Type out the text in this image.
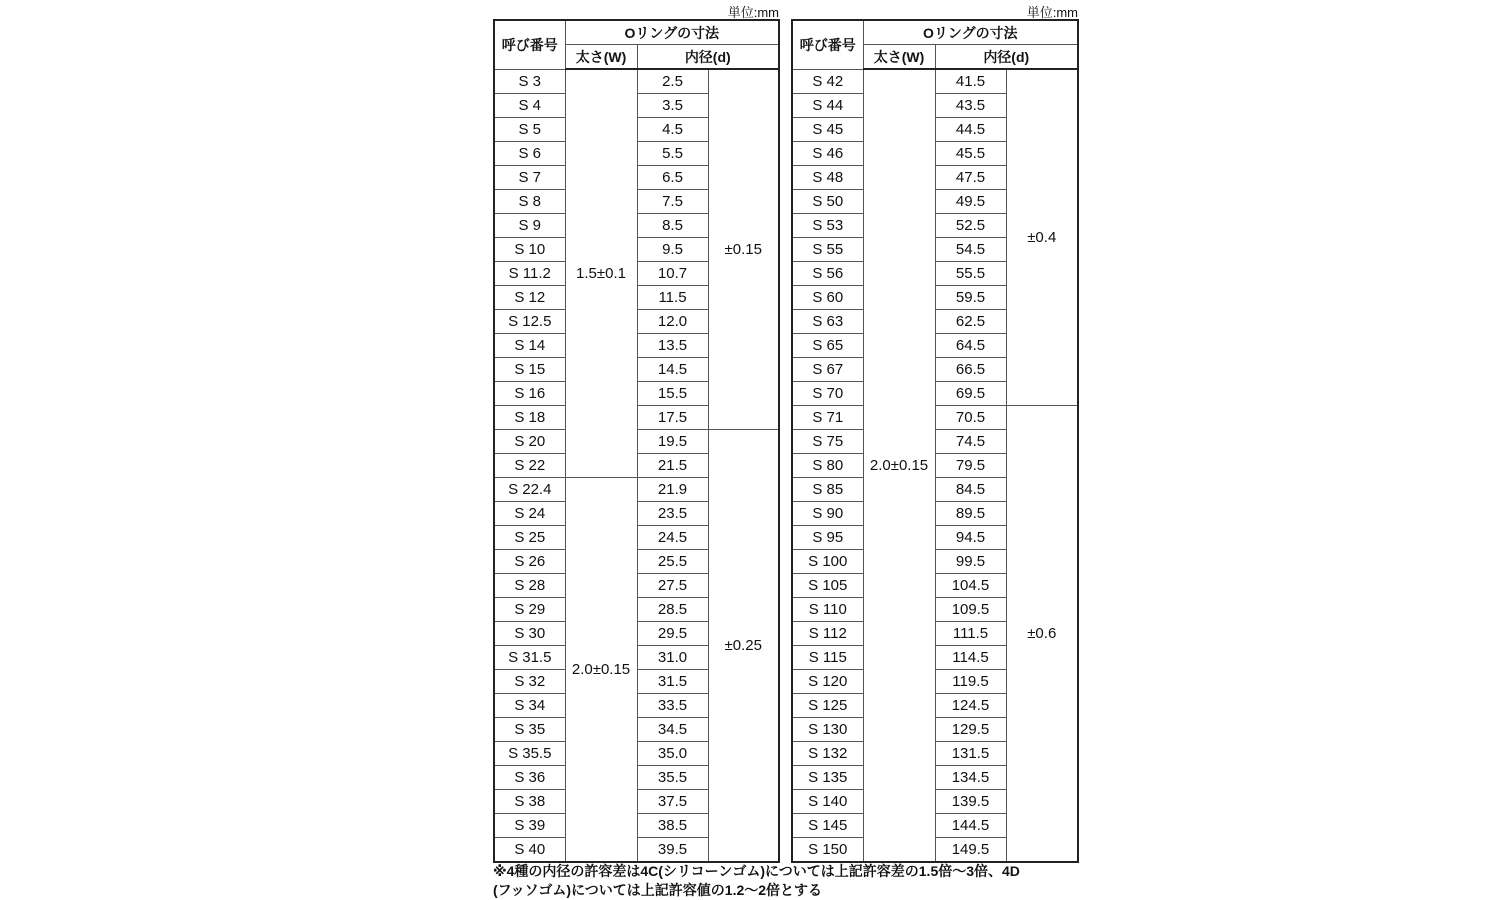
単位:mm	単位:mm
呼び番号	Oリングの寸法		
	太さ(W)	内径(d)	
S 3	1.5±0.1	2.5	±0.15
S 4		3.5	
S 5		4.5	
S 6		5.5	
S 7		6.5	
S 8		7.5	
S 9		8.5	
S 10		9.5	
S 11.2		10.7	
S 12		11.5	
S 12.5		12.0	
S 14		13.5	
S 15		14.5	
S 16		15.5	
S 18		17.5	
S 20		19.5	±0.25
S 22		21.5	
S 22.4	2.0±0.15	21.9	
S 24		23.5	
S 25		24.5	
S 26		25.5	
S 28		27.5	
S 29		28.5	
S 30		29.5	
S 31.5		31.0	
S 32		31.5	
S 34		33.5	
S 35		34.5	
S 35.5		35.0	
S 36		35.5	
S 38		37.5	
S 39		38.5	
S 40		39.5	
呼び番号	Oリングの寸法		
	太さ(W)	内径(d)	
S 42	2.0±0.15	41.5	±0.4
S 44		43.5	
S 45		44.5	
S 46		45.5	
S 48		47.5	
S 50		49.5	
S 53		52.5	
S 55		54.5	
S 56		55.5	
S 60		59.5	
S 63		62.5	
S 65		64.5	
S 67		66.5	
S 70		69.5	
S 71		70.5	±0.6
S 75		74.5	
S 80		79.5	
S 85		84.5	
S 90		89.5	
S 95		94.5	
S 100		99.5	
S 105		104.5	
S 110		109.5	
S 112		111.5	
S 115		114.5	
S 120		119.5	
S 125		124.5	
S 130		129.5	
S 132		131.5	
S 135		134.5	
S 140		139.5	
S 145		144.5	
S 150		149.5	
※4種の内径の許容差は4C(シリコーンゴム)については上記許容差の1.5倍～3倍、4D
(フッソゴム)については上記許容値の1.2～2倍とする
